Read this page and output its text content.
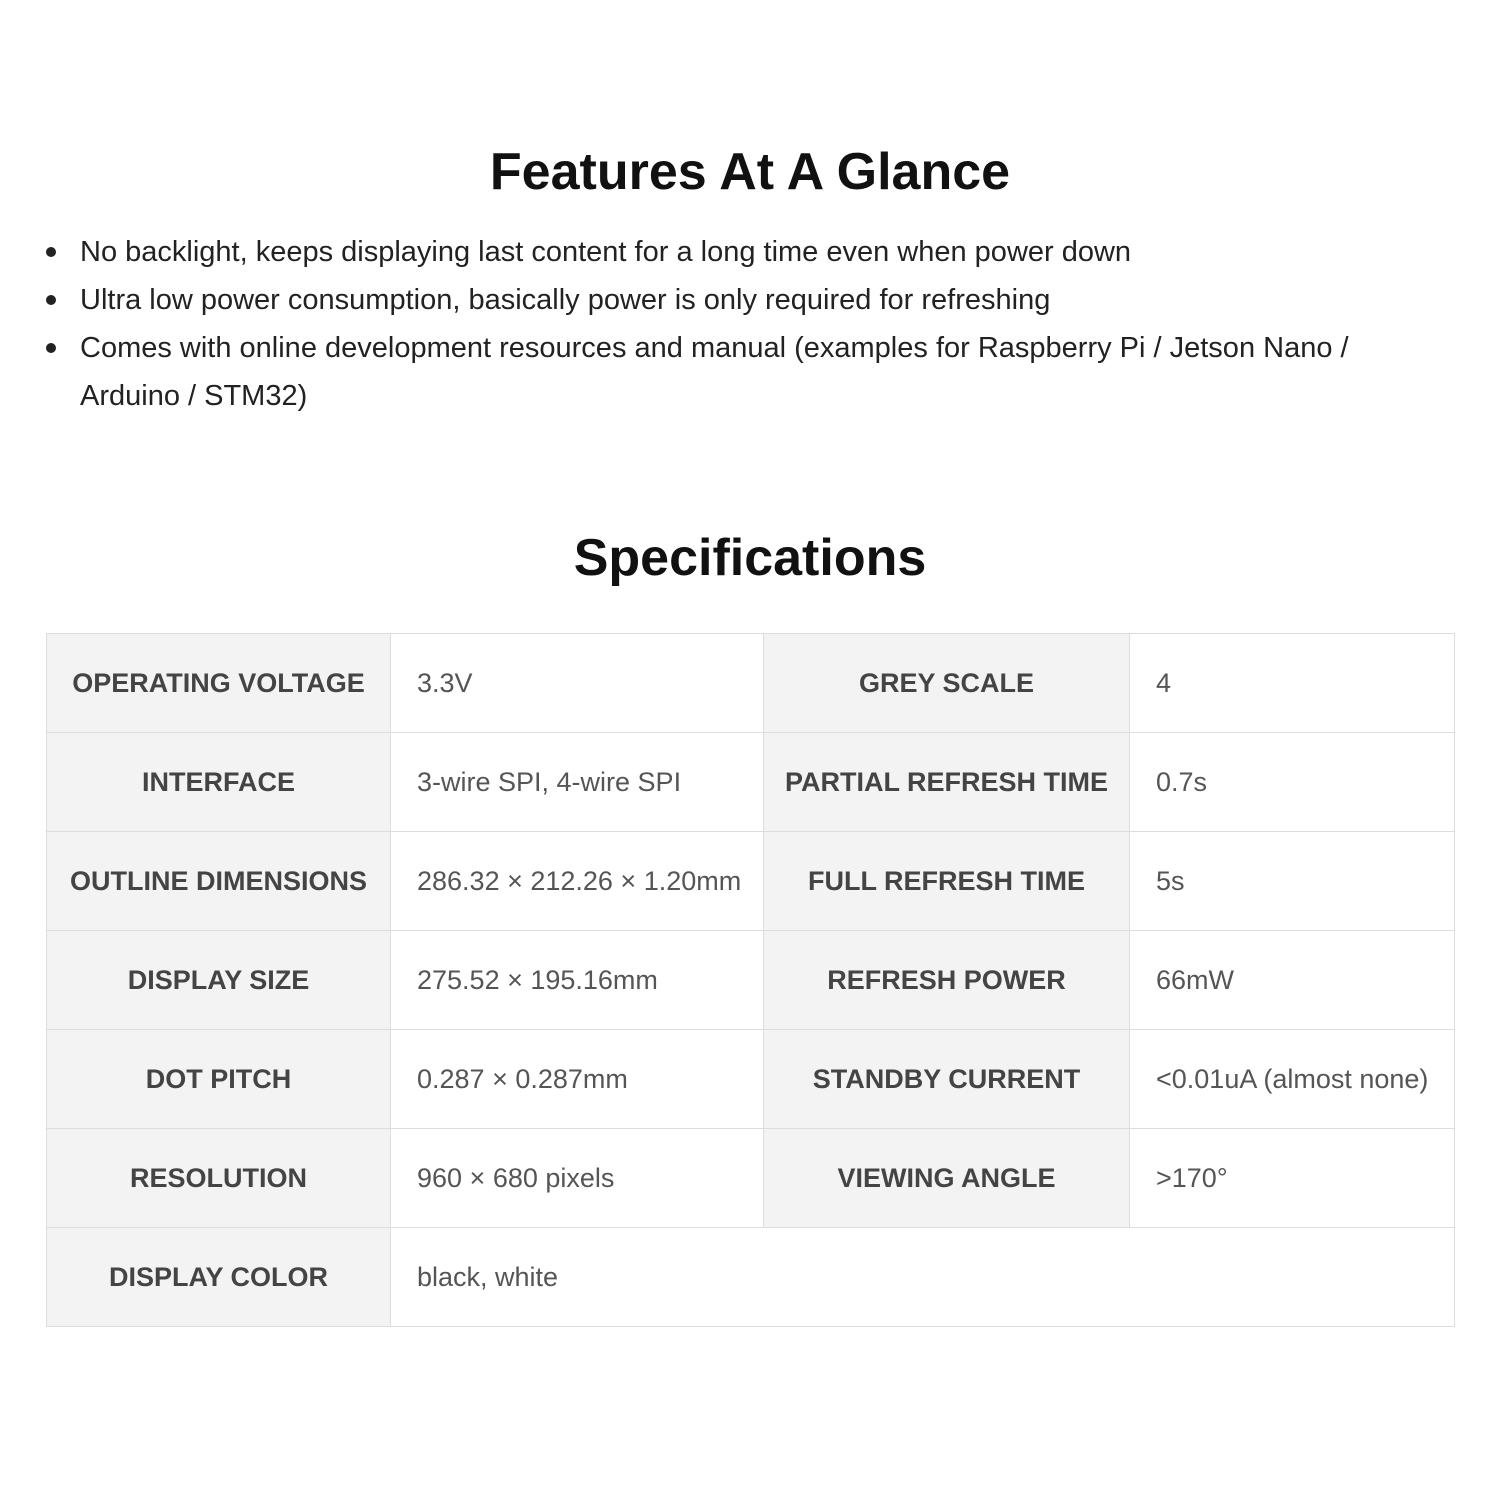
Features At A Glance
No backlight, keeps displaying last content for a long time even when power down
Ultra low power consumption, basically power is only required for refreshing
Comes with online development resources and manual (examples for Raspberry Pi / Jetson Nano / Arduino / STM32)
Specifications
OPERATING VOLTAGE	3.3V	GREY SCALE	4
INTERFACE	3-wire SPI, 4-wire SPI	PARTIAL REFRESH TIME	0.7s
OUTLINE DIMENSIONS	286.32 × 212.26 × 1.20mm	FULL REFRESH TIME	5s
DISPLAY SIZE	275.52 × 195.16mm	REFRESH POWER	66mW
DOT PITCH	0.287 × 0.287mm	STANDBY CURRENT	<0.01uA (almost none)
RESOLUTION	960 × 680 pixels	VIEWING ANGLE	>170°
DISPLAY COLOR	black, white		
